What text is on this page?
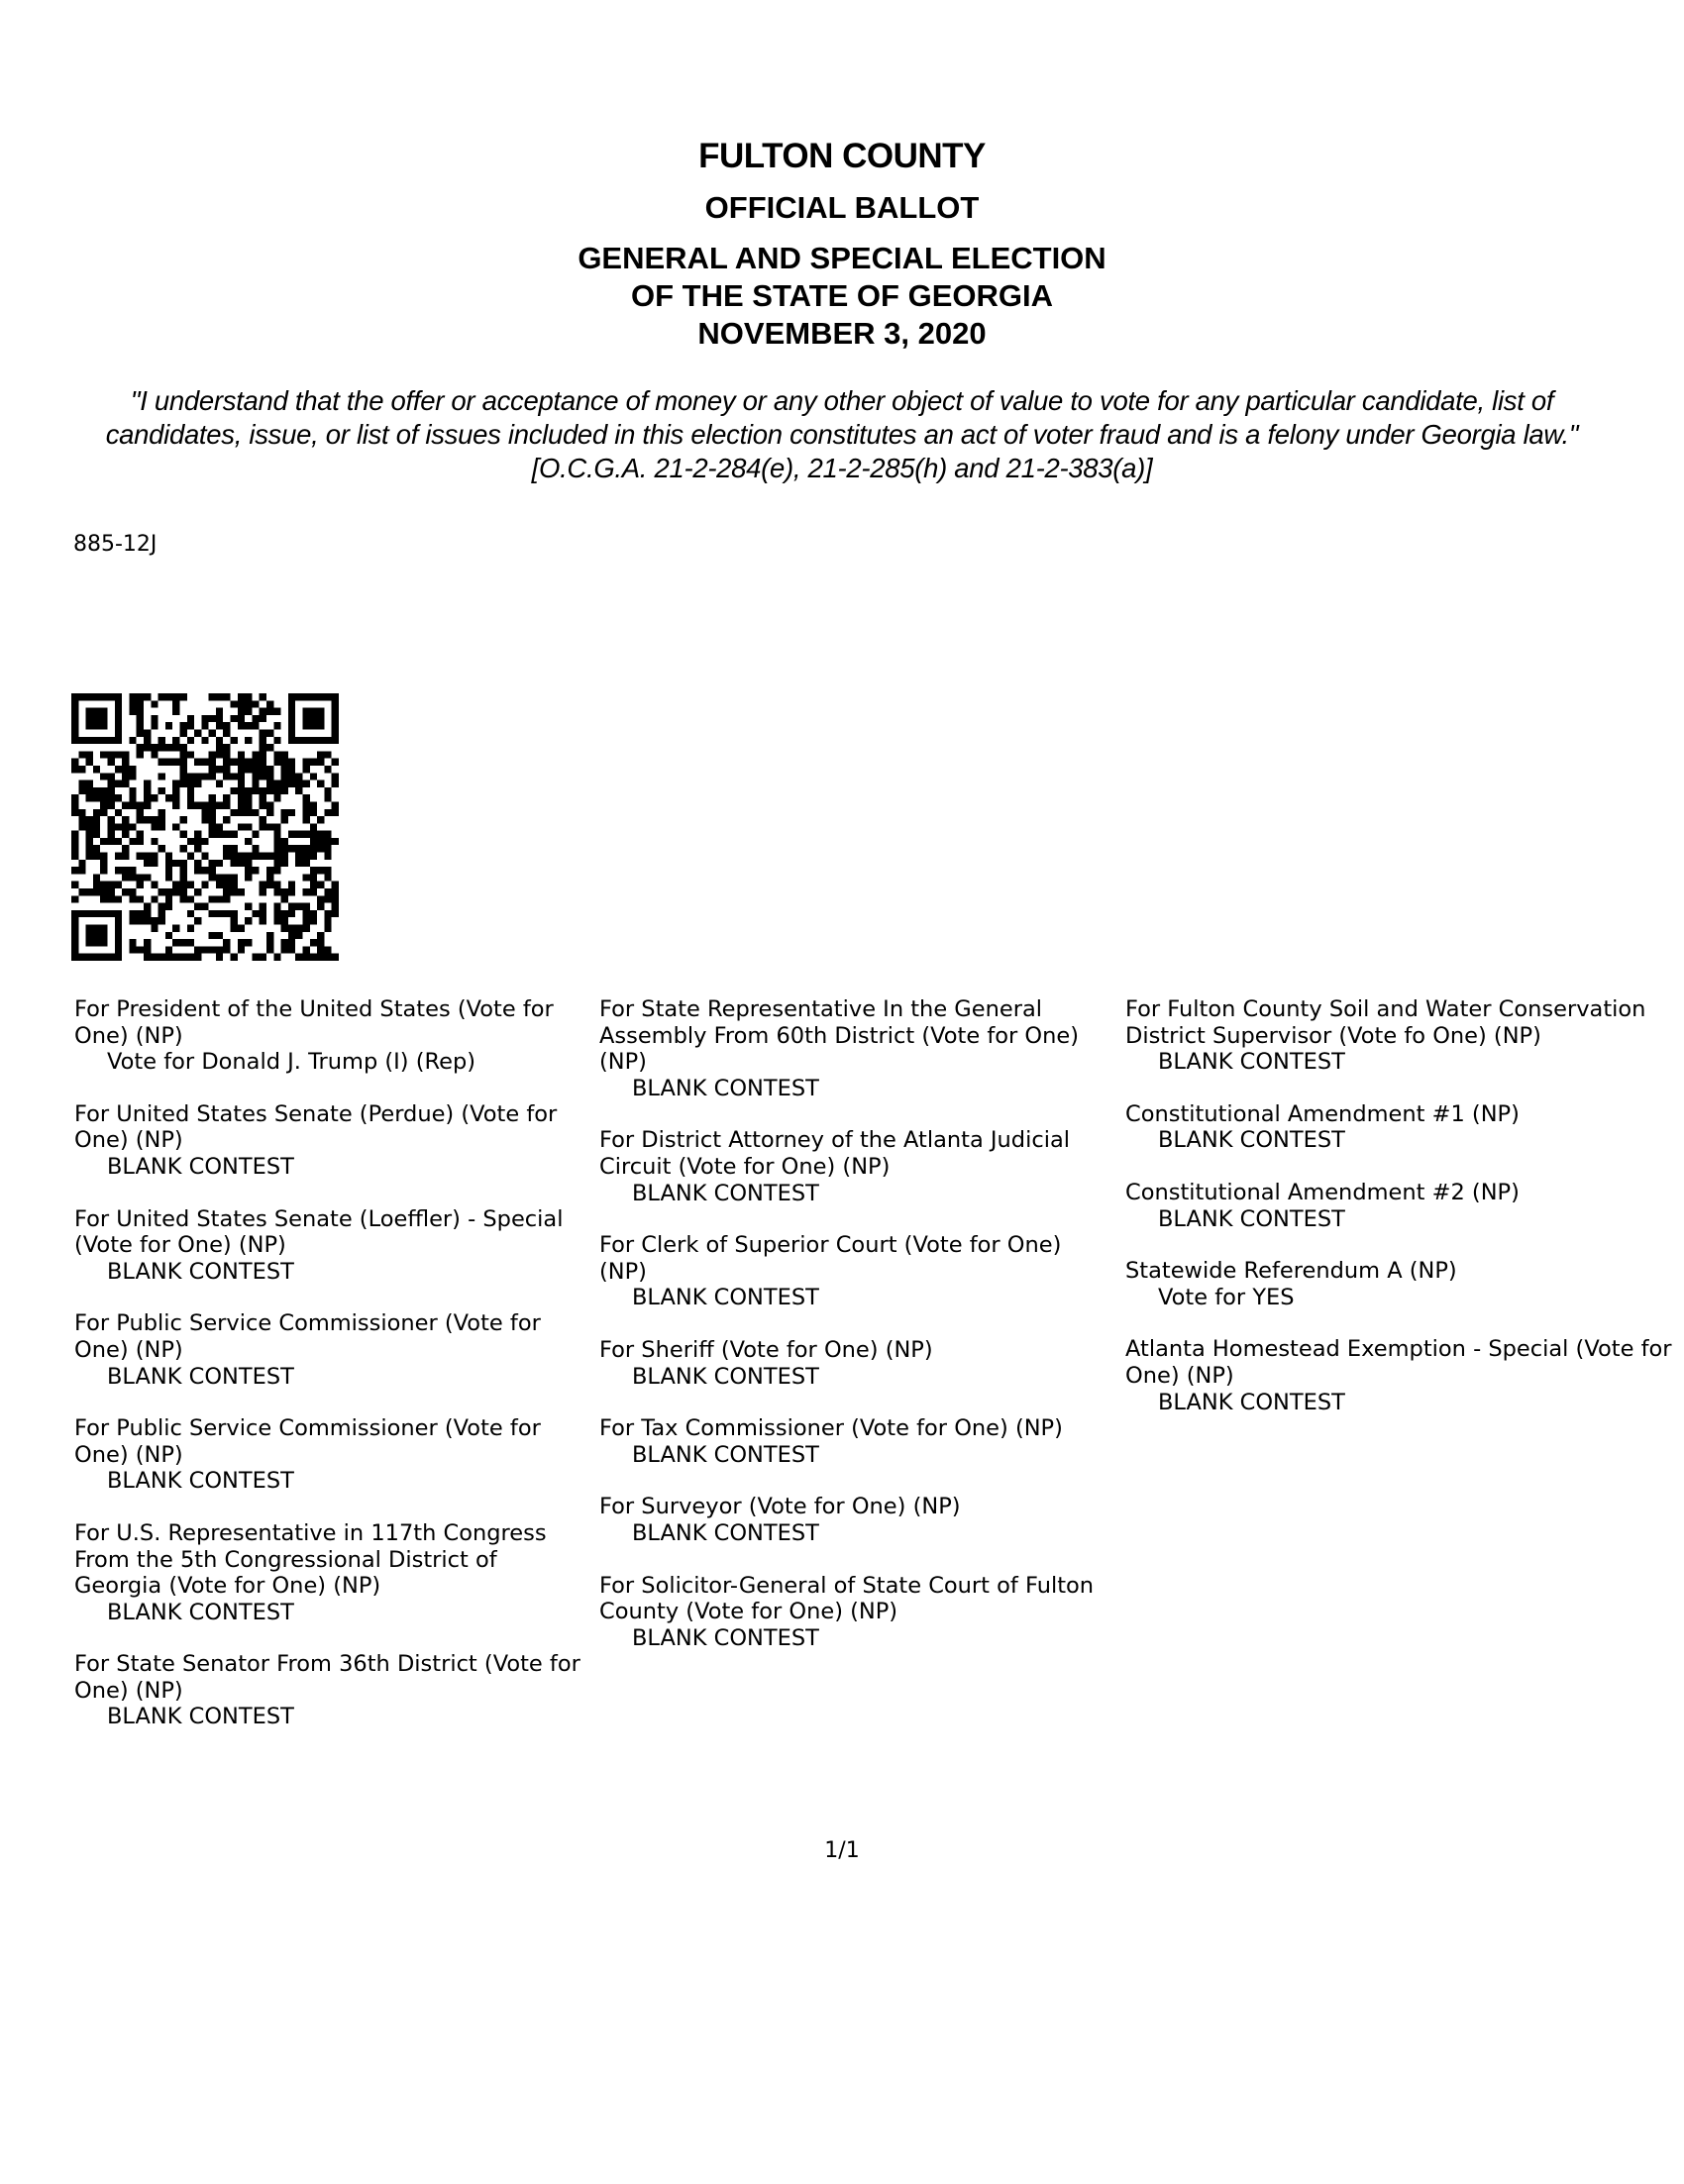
FULTON COUNTY
OFFICIAL BALLOT
GENERAL AND SPECIAL ELECTION
OF THE STATE OF GEORGIA
NOVEMBER 3, 2020
"I understand that the offer or acceptance of money or any other object of value to vote for any particular candidate, list of candidates, issue, or list of issues included in this election constitutes an act of voter fraud and is a felony under Georgia law." [O.C.G.A. 21-2-284(e), 21-2-285(h) and 21-2-383(a)]
885-12J
For President of the United States (Vote for One) (NP)
Vote for Donald J. Trump (I) (Rep)
For United States Senate (Perdue) (Vote for One) (NP)
BLANK CONTEST
For United States Senate (Loeffler) - Special (Vote for One) (NP)
BLANK CONTEST
For Public Service Commissioner (Vote for One) (NP)
BLANK CONTEST
For Public Service Commissioner (Vote for One) (NP)
BLANK CONTEST
For U.S. Representative in 117th Congress From the 5th Congressional District of Georgia (Vote for One) (NP)
BLANK CONTEST
For State Senator From 36th District (Vote for One) (NP)
BLANK CONTEST
For State Representative In the General Assembly From 60th District (Vote for One) (NP)
BLANK CONTEST
For District Attorney of the Atlanta Judicial Circuit (Vote for One) (NP)
BLANK CONTEST
For Clerk of Superior Court (Vote for One) (NP)
BLANK CONTEST
For Sheriff (Vote for One) (NP)
BLANK CONTEST
For Tax Commissioner (Vote for One) (NP)
BLANK CONTEST
For Surveyor (Vote for One) (NP)
BLANK CONTEST
For Solicitor-General of State Court of Fulton County (Vote for One) (NP)
BLANK CONTEST
For Fulton County Soil and Water Conservation District Supervisor (Vote fo One) (NP)
BLANK CONTEST
Constitutional Amendment #1 (NP)
BLANK CONTEST
Constitutional Amendment #2 (NP)
BLANK CONTEST
Statewide Referendum A (NP)
Vote for YES
Atlanta Homestead Exemption - Special (Vote for One) (NP)
BLANK CONTEST
1/1
